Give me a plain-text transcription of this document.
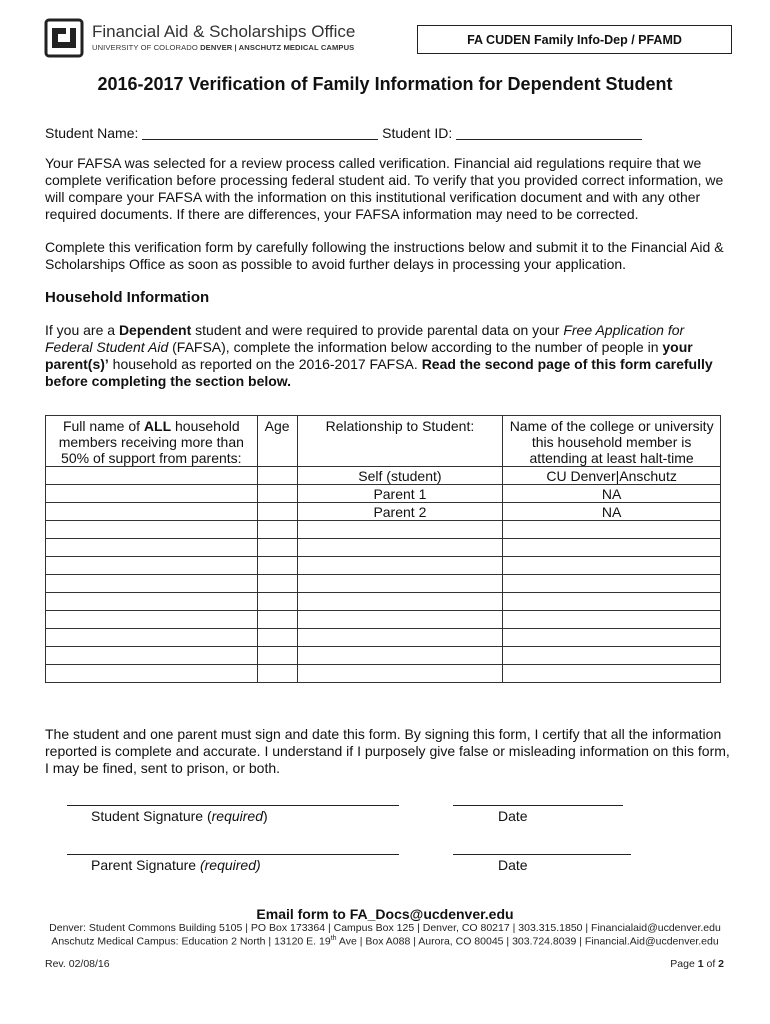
Financial Aid & Scholarships Office
UNIVERSITY OF COLORADO DENVER | ANSCHUTZ MEDICAL CAMPUS
FA CUDEN Family Info-Dep / PFAMD
2016-2017 Verification of Family Information for Dependent Student
Student Name:	Student ID:
Your FAFSA was selected for a review process called verification. Financial aid regulations require that we complete verification before processing federal student aid. To verify that you provided correct information, we will compare your FAFSA with the information on this institutional verification document and with any other required documents. If there are differences, your FAFSA information may need to be corrected.
Complete this verification form by carefully following the instructions below and submit it to the Financial Aid & Scholarships Office as soon as possible to avoid further delays in processing your application.
Household Information
If you are a Dependent student and were required to provide parental data on your Free Application for Federal Student Aid (FAFSA), complete the information below according to the number of people in your parent(s)’ household as reported on the 2016-2017 FAFSA. Read the second page of this form carefully before completing the section below.
Full name of ALL household members receiving more than 50% of support from parents:	Age	Relationship to Student:	Name of the college or university this household member is attending at least halt-time
		Self (student)	CU Denver|Anschutz
		Parent 1	NA
		Parent 2	NA

The student and one parent must sign and date this form. By signing this form, I certify that all the information reported is complete and accurate. I understand if I purposely give false or misleading information on this form, I may be fined, sent to prison, or both.
Student Signature (required)	Date
Parent Signature (required)	Date
Email form to FA_Docs@ucdenver.edu
Denver: Student Commons Building 5105 | PO Box 173364 | Campus Box 125 | Denver, CO 80217 | 303.315.1850 | Financialaid@ucdenver.edu
Anschutz Medical Campus: Education 2 North | 13120 E. 19th Ave | Box A088 | Aurora, CO 80045 | 303.724.8039 | Financial.Aid@ucdenver.edu
Rev. 02/08/16	Page 1 of 2
